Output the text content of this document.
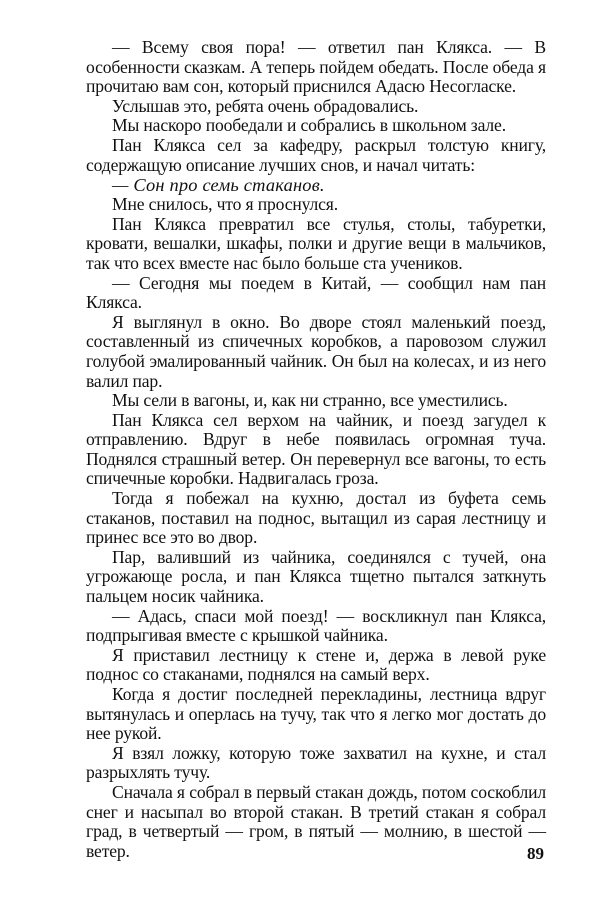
— Всему своя пора! — ответил пан Клякса. — В особенности сказкам. А теперь пойдем обедать. После обеда я прочитаю вам сон, который приснился Адасю Несогласке.

Услышав это, ребята очень обрадовались.

Мы наскоро пообедали и собрались в школьном зале.

Пан Клякса сел за кафедру, раскрыл толстую книгу, содержащую описание лучших снов, и начал читать:

— Сон про семь стаканов.

Мне снилось, что я проснулся.

Пан Клякса превратил все стулья, столы, табуретки, кровати, вешалки, шкафы, полки и другие вещи в мальчиков, так что всех вместе нас было больше ста учеников.

— Сегодня мы поедем в Китай, — сообщил нам пан Клякса.

Я выглянул в окно. Во дворе стоял маленький поезд, составленный из спичечных коробков, а паровозом служил голубой эмалированный чайник. Он был на колесах, и из него валил пар.

Мы сели в вагоны, и, как ни странно, все уместились.

Пан Клякса сел верхом на чайник, и поезд загудел к отправлению. Вдруг в небе появилась огромная туча. Поднялся страшный ветер. Он перевернул все вагоны, то есть спичечные коробки. Надвигалась гроза.

Тогда я побежал на кухню, достал из буфета семь стаканов, поставил на поднос, вытащил из сарая лестницу и принес все это во двор.

Пар, валивший из чайника, соединялся с тучей, она угрожающе росла, и пан Клякса тщетно пытался заткнуть пальцем носик чайника.

— Адась, спаси мой поезд! — воскликнул пан Клякса, подпрыгивая вместе с крышкой чайника.

Я приставил лестницу к стене и, держа в левой руке поднос со стаканами, поднялся на самый верх.

Когда я достиг последней перекладины, лестница вдруг вытянулась и оперлась на тучу, так что я легко мог достать до нее рукой.

Я взял ложку, которую тоже захватил на кухне, и стал разрыхлять тучу.

Сначала я собрал в первый стакан дождь, потом соскоблил снег и насыпал во второй стакан. В третий стакан я собрал град, в четвертый — гром, в пятый — молнию, в шестой — ветер.	89
